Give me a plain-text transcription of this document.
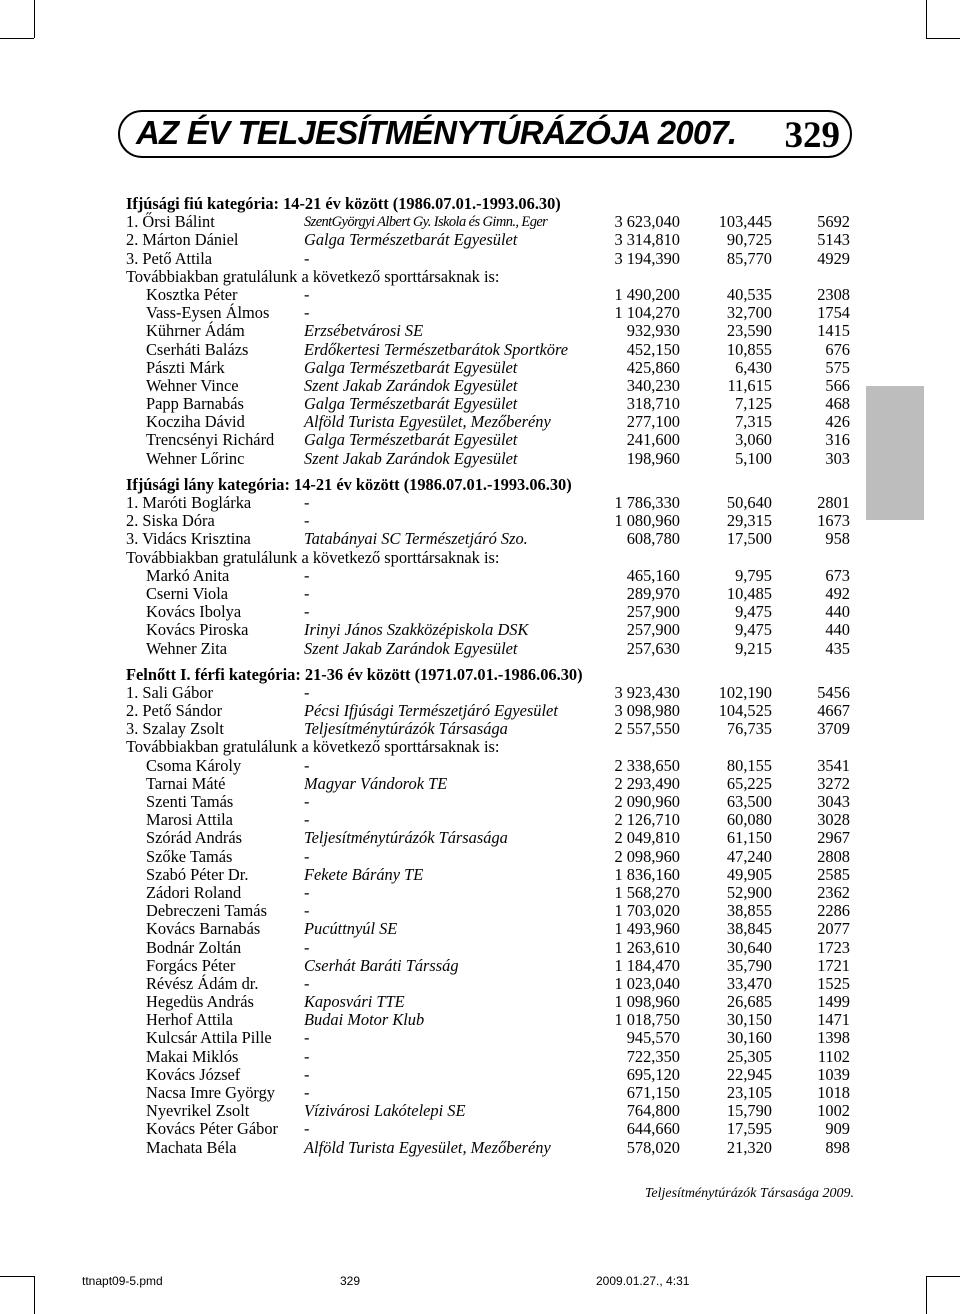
AZ ÉV TELJESÍTMÉNYTÚRÁZÓJA 2007. 329
Ifjúsági fiú kategória: 14-21 év között (1986.07.01.-1993.06.30)
1. Őrsi Bálint	SzentGyörgyi Albert Gy. Iskola és Gimn., Eger	3 623,040	103,445	5692
2. Márton Dániel	Galga Természetbarát Egyesület	3 314,810	90,725	5143
3. Pető Attila	-	3 194,390	85,770	4929
Továbbiakban gratulálunk a következő sporttársaknak is:
Kosztka Péter	-	1 490,200	40,535	2308
Vass-Eysen Álmos	-	1 104,270	32,700	1754
Kührner Ádám	Erzsébetvárosi SE	932,930	23,590	1415
Cserháti Balázs	Erdőkertesi Természetbarátok Sportköre	452,150	10,855	676
Pászti Márk	Galga Természetbarát Egyesület	425,860	6,430	575
Wehner Vince	Szent Jakab Zarándok Egyesület	340,230	11,615	566
Papp Barnabás	Galga Természetbarát Egyesület	318,710	7,125	468
Kocziha Dávid	Alföld Turista Egyesület, Mezőberény	277,100	7,315	426
Trencsényi Richárd	Galga Természetbarát Egyesület	241,600	3,060	316
Wehner Lőrinc	Szent Jakab Zarándok Egyesület	198,960	5,100	303
Ifjúsági lány kategória: 14-21 év között (1986.07.01.-1993.06.30)
1. Maróti Boglárka	-	1 786,330	50,640	2801
2. Siska Dóra	-	1 080,960	29,315	1673
3. Vidács Krisztina	Tatabányai SC Természetjáró Szo.	608,780	17,500	958
Továbbiakban gratulálunk a következő sporttársaknak is:
Markó Anita	-	465,160	9,795	673
Cserni Viola	-	289,970	10,485	492
Kovács Ibolya	-	257,900	9,475	440
Kovács Piroska	Irinyi János Szakközépiskola DSK	257,900	9,475	440
Wehner Zita	Szent Jakab Zarándok Egyesület	257,630	9,215	435
Felnőtt I. férfi kategória: 21-36 év között (1971.07.01.-1986.06.30)
1. Sali Gábor	-	3 923,430	102,190	5456
2. Pető Sándor	Pécsi Ifjúsági Természetjáró Egyesület	3 098,980	104,525	4667
3. Szalay Zsolt	Teljesítménytúrázók Társasága	2 557,550	76,735	3709
Továbbiakban gratulálunk a következő sporttársaknak is:
Csoma Károly	-	2 338,650	80,155	3541
Tarnai Máté	Magyar Vándorok TE	2 293,490	65,225	3272
Szenti Tamás	-	2 090,960	63,500	3043
Marosi Attila	-	2 126,710	60,080	3028
Szórád András	Teljesítménytúrázók Társasága	2 049,810	61,150	2967
Szőke Tamás	-	2 098,960	47,240	2808
Szabó Péter Dr.	Fekete Bárány TE	1 836,160	49,905	2585
Zádori Roland	-	1 568,270	52,900	2362
Debreczeni Tamás	-	1 703,020	38,855	2286
Kovács Barnabás	Pucúttnyúl SE	1 493,960	38,845	2077
Bodnár Zoltán	-	1 263,610	30,640	1723
Forgács Péter	Cserhát Baráti Társság	1 184,470	35,790	1721
Révész Ádám dr.	-	1 023,040	33,470	1525
Hegedüs András	Kaposvári TTE	1 098,960	26,685	1499
Herhof Attila	Budai Motor Klub	1 018,750	30,150	1471
Kulcsár Attila Pille	-	945,570	30,160	1398
Makai Miklós	-	722,350	25,305	1102
Kovács József	-	695,120	22,945	1039
Nacsa Imre György	-	671,150	23,105	1018
Nyevrikel Zsolt	Vízivárosi Lakótelepi SE	764,800	15,790	1002
Kovács Péter Gábor	-	644,660	17,595	909
Machata Béla	Alföld Turista Egyesület, Mezőberény	578,020	21,320	898
Teljesítménytúrázók Társasága 2009.
ttnapt09-5.pmd	329	2009.01.27., 4:31
